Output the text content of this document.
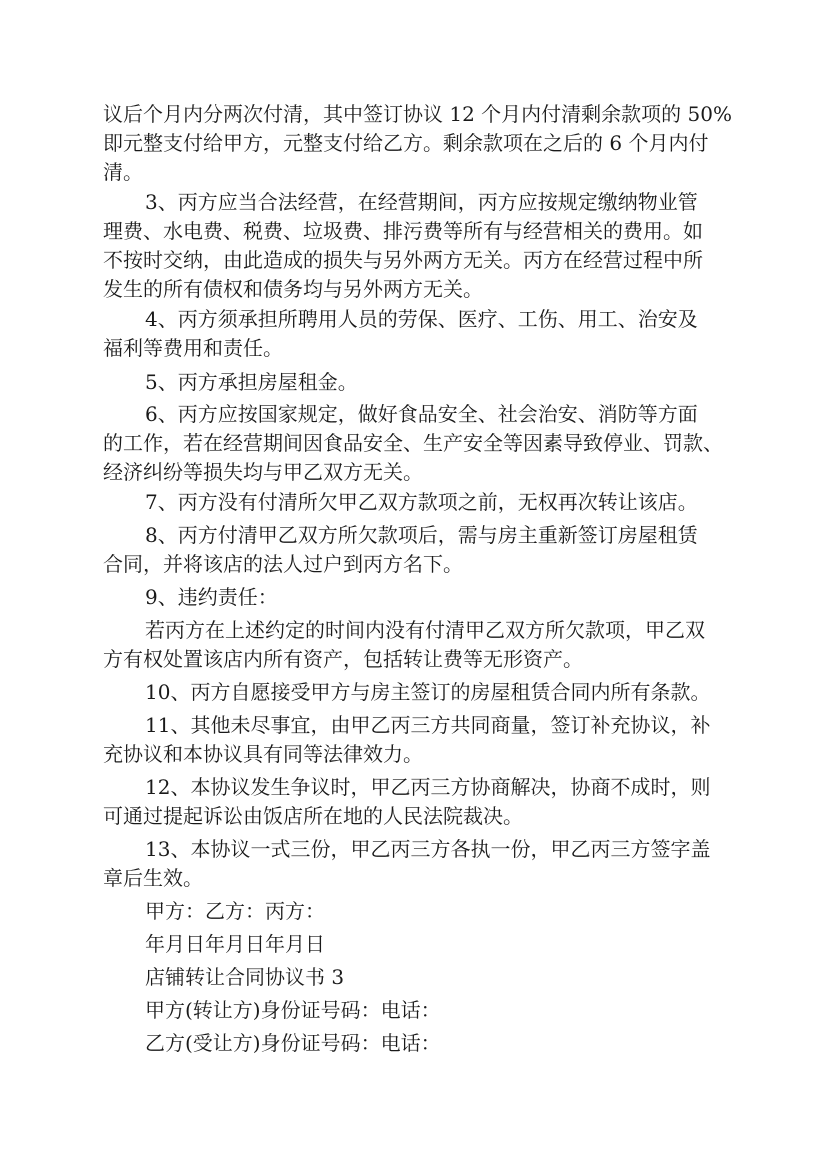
议后个月内分两次付清，其中签订协议 12 个月内付清剩余款项的 50%
即元整支付给甲方，元整支付给乙方。剩余款项在之后的 6 个月内付
清。
3、丙方应当合法经营，在经营期间，丙方应按规定缴纳物业管
理费、水电费、税费、垃圾费、排污费等所有与经营相关的费用。如
不按时交纳，由此造成的损失与另外两方无关。丙方在经营过程中所
发生的所有债权和债务均与另外两方无关。
4、丙方须承担所聘用人员的劳保、医疗、工伤、用工、治安及
福利等费用和责任。
5、丙方承担房屋租金。
6、丙方应按国家规定，做好食品安全、社会治安、消防等方面
的工作，若在经营期间因食品安全、生产安全等因素导致停业、罚款、
经济纠纷等损失均与甲乙双方无关。
7、丙方没有付清所欠甲乙双方款项之前，无权再次转让该店。
8、丙方付清甲乙双方所欠款项后，需与房主重新签订房屋租赁
合同，并将该店的法人过户到丙方名下。
9、违约责任：
若丙方在上述约定的时间内没有付清甲乙双方所欠款项，甲乙双
方有权处置该店内所有资产，包括转让费等无形资产。
10、丙方自愿接受甲方与房主签订的房屋租赁合同内所有条款。
11、其他未尽事宜，由甲乙丙三方共同商量，签订补充协议，补
充协议和本协议具有同等法律效力。
12、本协议发生争议时，甲乙丙三方协商解决，协商不成时，则
可通过提起诉讼由饭店所在地的人民法院裁决。
13、本协议一式三份，甲乙丙三方各执一份，甲乙丙三方签字盖
章后生效。
甲方：乙方：丙方：
年月日年月日年月日
店铺转让合同协议书 3
甲方(转让方)身份证号码：电话：
乙方(受让方)身份证号码：电话：
